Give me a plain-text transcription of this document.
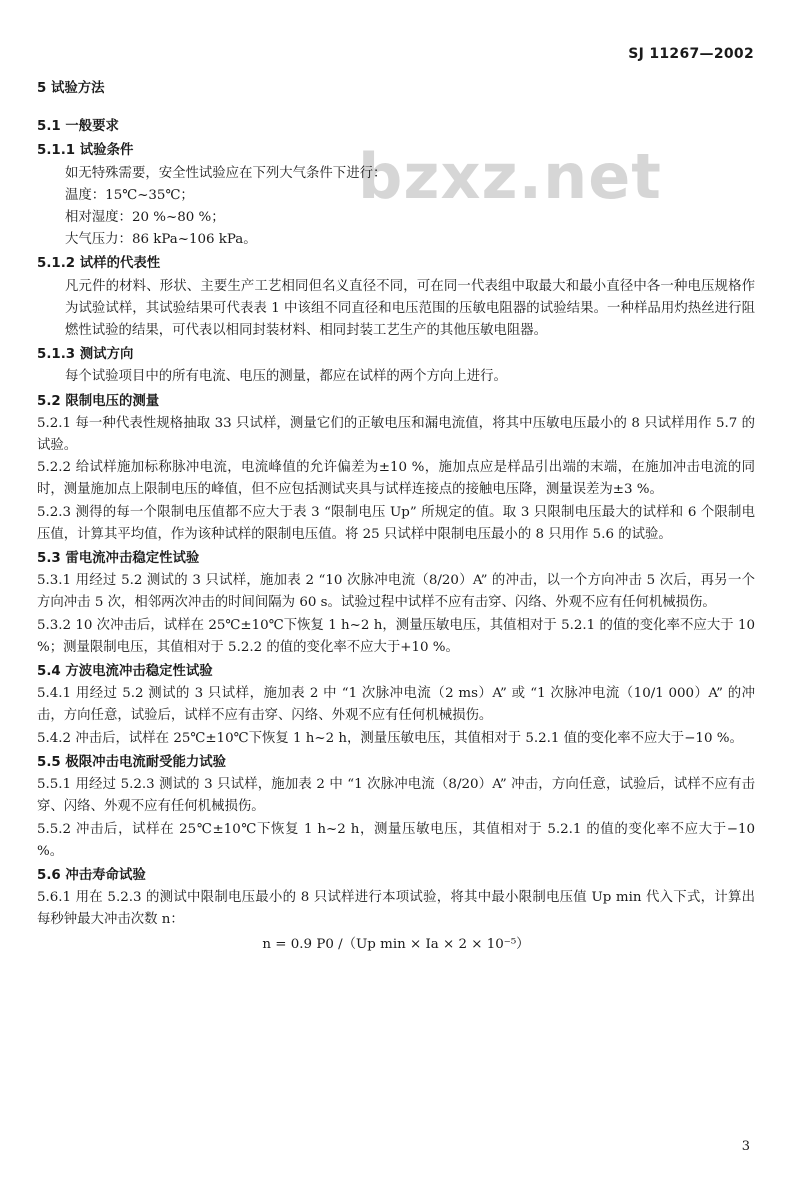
SJ 11267—2002
bzxz.net
5 试验方法
5.1 一般要求
5.1.1 试验条件
如无特殊需要，安全性试验应在下列大气条件下进行：
温度：15℃~35℃；
相对湿度：20 %~80 %；
大气压力：86 kPa~106 kPa。
5.1.2 试样的代表性
凡元件的材料、形状、主要生产工艺相同但名义直径不同，可在同一代表组中取最大和最小直径中各一种电压规格作为试验试样，其试验结果可代表表 1 中该组不同直径和电压范围的压敏电阻器的试验结果。一种样品用灼热丝进行阻燃性试验的结果，可代表以相同封装材料、相同封装工艺生产的其他压敏电阻器。
5.1.3 测试方向
每个试验项目中的所有电流、电压的测量，都应在试样的两个方向上进行。
5.2 限制电压的测量
5.2.1 每一种代表性规格抽取 33 只试样，测量它们的正敏电压和漏电流值，将其中压敏电压最小的 8 只试样用作 5.7 的试验。
5.2.2 给试样施加标称脉冲电流，电流峰值的允许偏差为±10 %，施加点应是样品引出端的末端，在施加冲击电流的同时，测量施加点上限制电压的峰值，但不应包括测试夹具与试样连接点的接触电压降，测量误差为±3 %。
5.2.3 测得的每一个限制电压值都不应大于表 3 “限制电压 Up” 所规定的值。取 3 只限制电压最大的试样和 6 个限制电压值，计算其平均值，作为该种试样的限制电压值。将 25 只试样中限制电压最小的 8 只用作 5.6 的试验。
5.3 雷电流冲击稳定性试验
5.3.1 用经过 5.2 测试的 3 只试样，施加表 2 “10 次脉冲电流（8/20）A” 的冲击，以一个方向冲击 5 次后，再另一个方向冲击 5 次，相邻两次冲击的时间间隔为 60 s。试验过程中试样不应有击穿、闪络、外观不应有任何机械损伤。
5.3.2 10 次冲击后，试样在 25℃±10℃下恢复 1 h~2 h，测量压敏电压，其值相对于 5.2.1 的值的变化率不应大于 10 %；测量限制电压，其值相对于 5.2.2 的值的变化率不应大于+10 %。
5.4 方波电流冲击稳定性试验
5.4.1 用经过 5.2 测试的 3 只试样，施加表 2 中 “1 次脉冲电流（2 ms）A” 或 “1 次脉冲电流（10/1 000）A” 的冲击，方向任意，试验后，试样不应有击穿、闪络、外观不应有任何机械损伤。
5.4.2 冲击后，试样在 25℃±10℃下恢复 1 h~2 h，测量压敏电压，其值相对于 5.2.1 值的变化率不应大于−10 %。
5.5 极限冲击电流耐受能力试验
5.5.1 用经过 5.2.3 测试的 3 只试样，施加表 2 中 “1 次脉冲电流（8/20）A” 冲击，方向任意，试验后，试样不应有击穿、闪络、外观不应有任何机械损伤。
5.5.2 冲击后，试样在 25℃±10℃下恢复 1 h~2 h，测量压敏电压，其值相对于 5.2.1 的值的变化率不应大于−10 %。
5.6 冲击寿命试验
5.6.1 用在 5.2.3 的测试中限制电压最小的 8 只试样进行本项试验，将其中最小限制电压值 Up min 代入下式，计算出每秒钟最大冲击次数 n：
n = 0.9 P0 /（Up min × Ia × 2 × 10⁻⁵）
3
